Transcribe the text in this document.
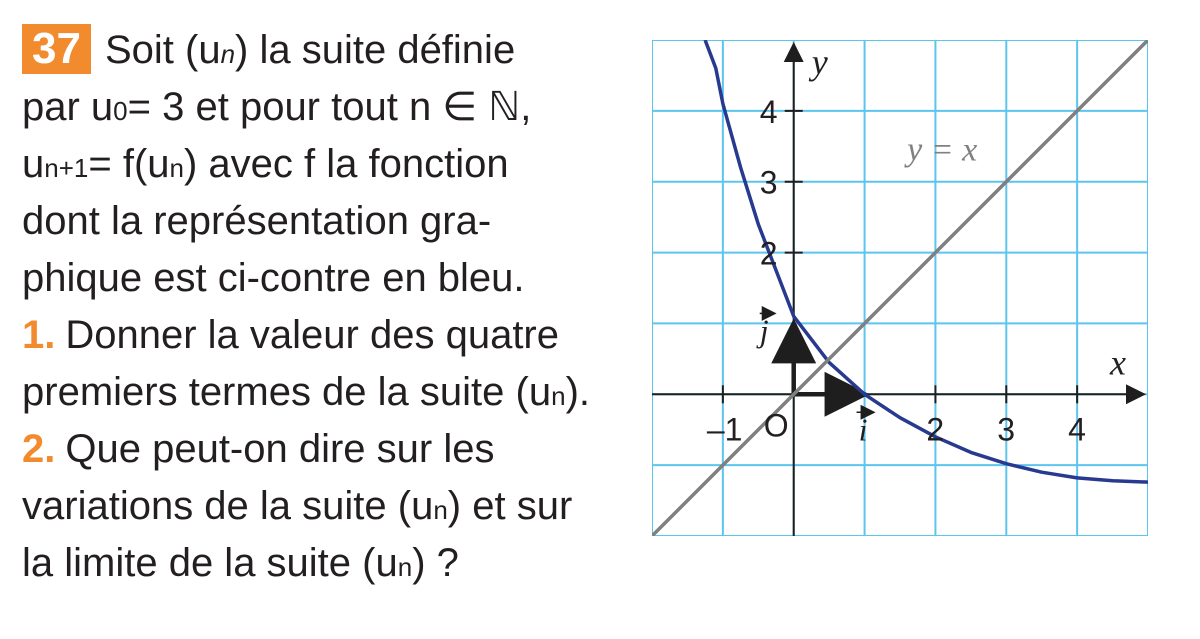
37 Soit (u n ) la suite définie
par u 0 = 3 et pour tout n ∈ ℕ,
u n+1 = f(u n ) avec f la fonction
dont la représentation gra-
phique est ci-contre en bleu.
1. Donner la valeur des quatre
premiers termes de la suite (u n ).
2. Que peut-on dire sur les
variations de la suite (u n ) et sur
la limite de la suite (u n ) ?
–1	2 3 4
2
3
4
O
x
y
y = x
i
j
